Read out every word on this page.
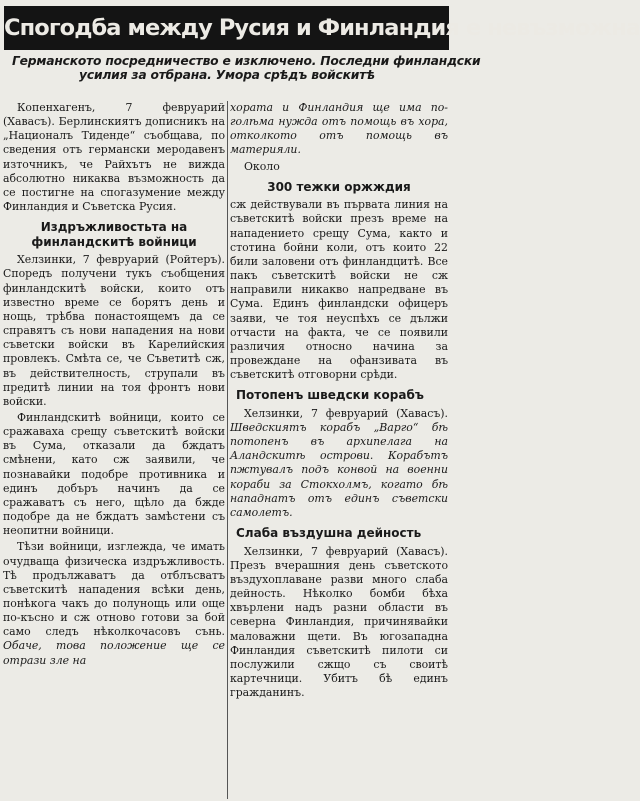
Спогодба между Русия и Финландия е невъзможна
Германското посредничество е изключено. Последни финландски
усилия за отбрана. Умора срѣдъ войскитѣ

Копенхагенъ, 7 февруарий (Хавасъ). Берлинскиятъ дописникъ на „Националъ Тиденде“ съобщава, по сведения отъ германски меродавенъ източникъ, че Райхътъ не вижда абсолютно никаква възможность да се постигне на спогазумение между Финландия и Съветска Русия.

Издръжливостьта на финландскитѣ войници

Хелзинки, 7 февруарий (Ройтеръ). Споредъ получени тукъ съобщения финландскитѣ войски, които отъ известно време се борятъ день и нощь, трѣбва понастоящемъ да се справятъ съ нови нападения на нови съветски войски въ Карелийския провлекъ. Смѣта се, че Съветитѣ сж, въ действителность, струпали въ предитѣ линии на тоя фронтъ нови войски.

Финландскитѣ войници, които се сражаваха срещу съветскитѣ войски въ Сума, отказали да бждатъ смѣнени, като сж заявили, че познавайки подобре противника и единъ добъръ начинъ да се сражаватъ съ него, щѣло да бжде подобре да не бждатъ замѣстени съ неопитни войници.

Тѣзи войници, изглежда, че имать очудваща физическа издръжливость. Тѣ продължаватъ да отблъсватъ съветскитѣ нападения всѣки день, понѣкога чакъ до полунощь или още по-късно и сж отново готови за бой само следъ нѣколкочасовъ сънь. Обаче, това положение ще се отрази зле на

хората и Финландия ще има по-голѣма нужда отъ помощь въ хора, отколкото отъ помощь въ материяли.

Около

300 тежки оржждия

сж действували въ първата линия на съветскитѣ войски презъ време на нападението срещу Сума, както и стотина бойни коли, отъ които 22 били заловени отъ финландцитѣ. Все пакъ съветскитѣ войски не сж направили никакво напредване въ Сума. Единъ финландски офицеръ заяви, че тоя неуспѣхъ се дължи отчасти на факта, че се появили различия относно начина за провеждане на офанзивата въ съветскитѣ отговорни срѣди.

Потопенъ шведски корабъ

Хелзинки, 7 февруарий (Хавасъ). Шведскиятъ корабъ „Варго“ бѣ потопенъ въ архипелага на Аландскитѣ острови. Корабътъ пжтувалъ подъ конвой на военни кораби за Стокхолмъ, когато бѣ нападнатъ отъ единъ съветски самолетъ.

Слаба въздушна дейность

Хелзинки, 7 февруарий (Хавасъ). Презъ вчерашния день съветското въздухоплаване разви много слаба дейность. Нѣколко бомби бѣха хвърлени надъ разни области въ северна Финландия, причинявайки маловажни щети. Въ югозападна Финландия съветскитѣ пилоти си послужили сжщо съ своитѣ картечници. Убитъ бѣ единъ гражданинъ.
